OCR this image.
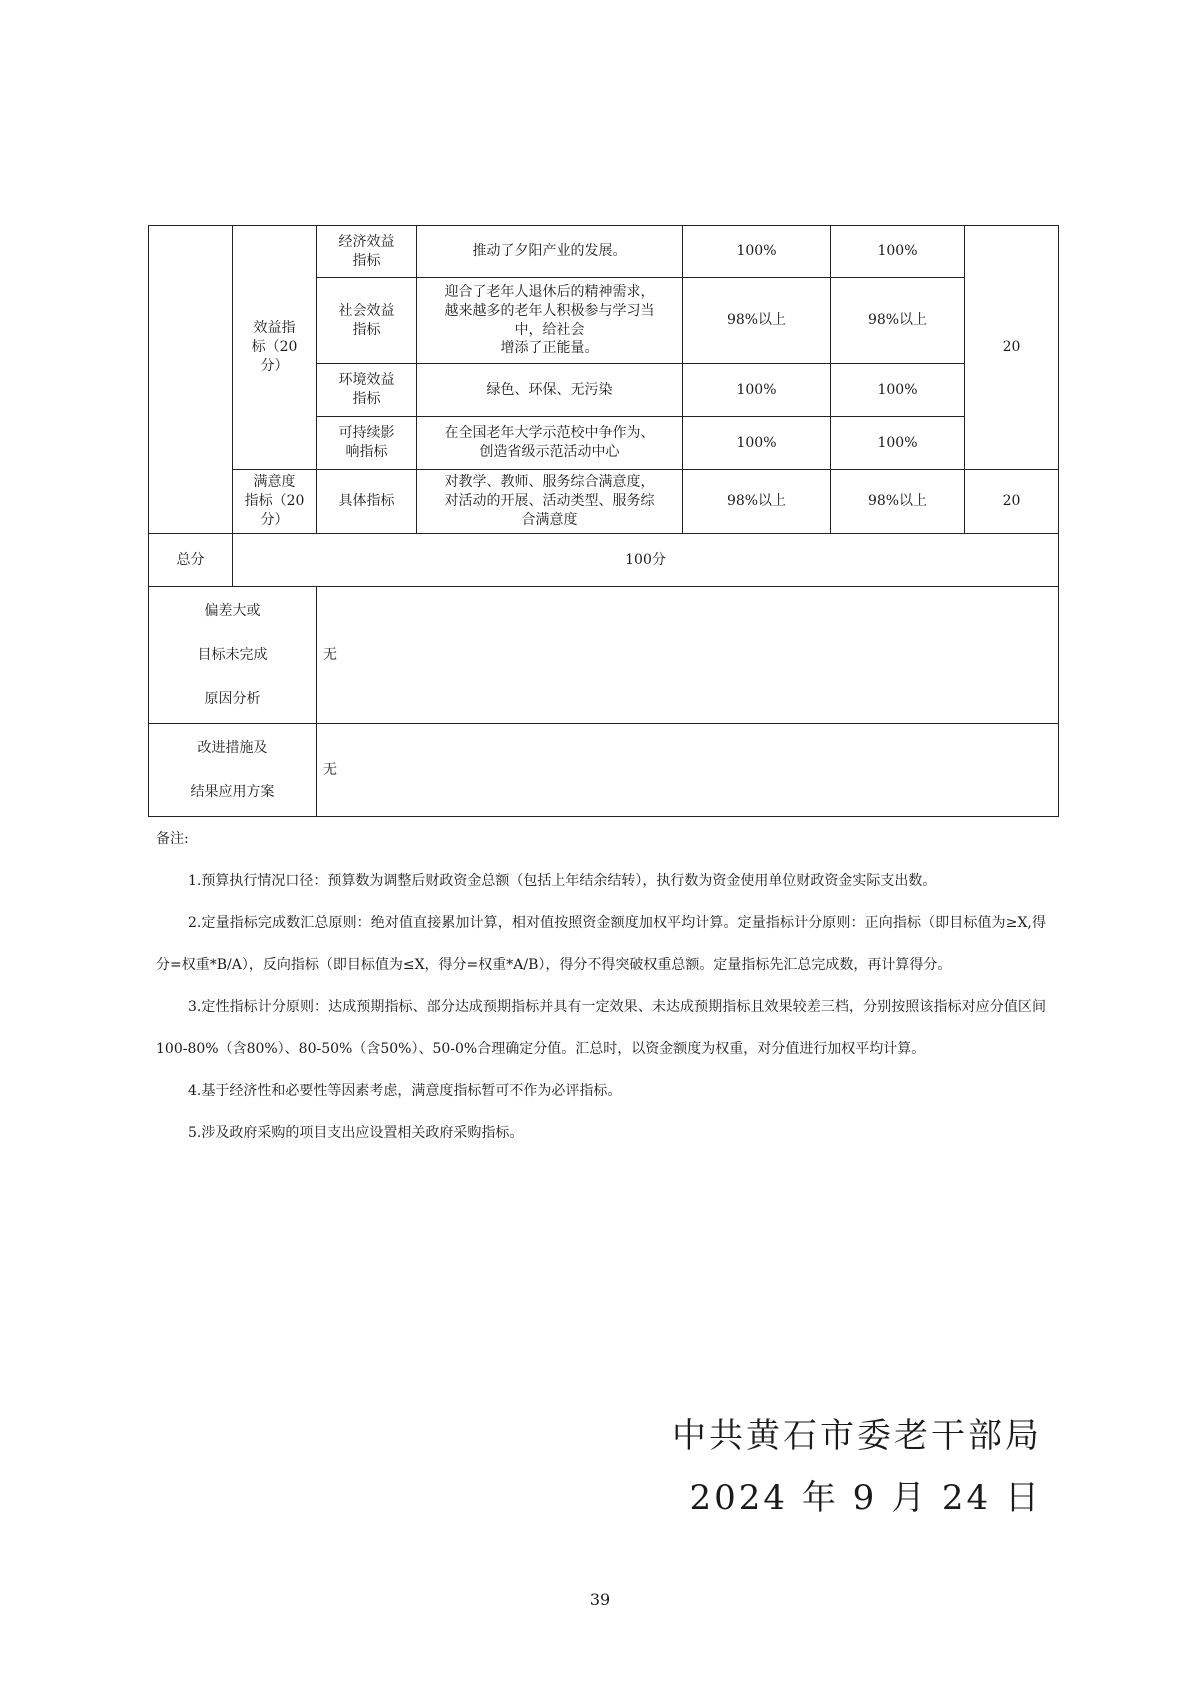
	效益指
标（20
分）	经济效益
指标	推动了夕阳产业的发展。	100%	100%	20
		社会效益
指标	迎合了老年人退休后的精神需求，
越来越多的老年人积极参与学习当
中，给社会
增添了正能量。	98%以上	98%以上	
		环境效益
指标	绿色、环保、无污染	100%	100%	
		可持续影
响指标	在全国老年大学示范校中争作为、
创造省级示范活动中心	100%	100%	
	满意度
指标（20
分）	具体指标	对教学、教师、服务综合满意度，
对活动的开展、活动类型、服务综
合满意度	98%以上	98%以上	20
总分	100分					
偏差大或
目标未完成
原因分析		无				
改进措施及
结果应用方案		无				
备注:

1.预算执行情况口径：预算数为调整后财政资金总额（包括上年结余结转），执行数为资金使用单位财政资金实际支出数。

2.定量指标完成数汇总原则：绝对值直接累加计算，相对值按照资金额度加权平均计算。定量指标计分原则：正向指标（即目标值为≥X,得分=权重*B/A），反向指标（即目标值为≤X，得分=权重*A/B），得分不得突破权重总额。定量指标先汇总完成数，再计算得分。

3.定性指标计分原则：达成预期指标、部分达成预期指标并具有一定效果、未达成预期指标且效果较差三档，分别按照该指标对应分值区间100-80%（含80%）、80-50%（含50%）、50-0%合理确定分值。汇总时，以资金额度为权重，对分值进行加权平均计算。

4.基于经济性和必要性等因素考虑，满意度指标暂可不作为必评指标。

5.涉及政府采购的项目支出应设置相关政府采购指标。

中共黄石市委老干部局
2024 年 9 月 24 日
39
